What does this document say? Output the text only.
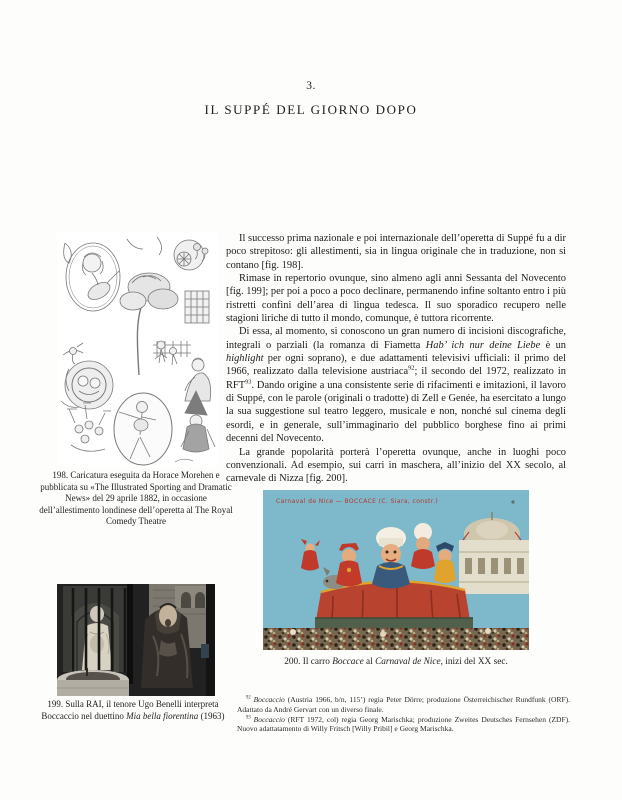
3.
IL SUPPÉ DEL GIORNO DOPO
198. Caricatura eseguita da Horace Morehen e pubblicata su «The Illustrated Sporting and Dramatic News» del 29 aprile 1882, in occasione dell’allestimento londinese dell’operetta al The Royal Comedy Theatre
199. Sulla RAI, il tenore Ugo Benelli interpreta Boccaccio nel duettino Mia bella fiorentina (1963)

Il successo prima nazionale e poi internazionale dell’operetta di Suppé fu a dir poco strepitoso: gli allestimenti, sia in lingua originale che in traduzione, non si contano [fig. 198].

Rimase in repertorio ovunque, sino almeno agli anni Sessanta del Novecento [fig. 199]; per poi a poco a poco declinare, permanendo infine soltanto entro i più ristretti confini dell’area di lingua tedesca. Il suo sporadico recupero nelle stagioni liriche di tutto il mondo, comunque, è tuttora ricorrente.

Di essa, al momento, si conoscono un gran numero di incisioni discografiche, integrali o parziali (la romanza di Fiametta Hab’ ich nur deine Liebe è un highlight per ogni soprano), e due adattamenti televisivi ufficiali: il primo del 1966, realizzato dalla televisione austriaca$^{92}$; il secondo del 1972, realizzato in RFT$^{93}$. Dando origine a una consistente serie di rifacimenti e imitazioni, il lavoro di Suppé, con le parole (originali o tradotte) di Zell e Genée, ha esercitato a lungo la sua suggestione sul teatro leggero, musicale e non, nonché sul cinema degli esordi, e in generale, sull’immaginario del pubblico borghese fino ai primi decenni del Novecento.

La grande popolarità porterà l’operetta ovunque, anche in luoghi poco convenzionali. Ad esempio, sui carri in maschera, all’inizio del XX secolo, al carnevale di Nizza [fig. 200].

Carnaval de Nice — BOCCACE (C. Siara, constr.)
200. Il carro Boccace al Carnaval de Nice, inizi del XX sec.

$^{92}$ Boccaccio (Austria 1966, b/n, 115’) regia Peter Dörre; produzione Österreichischer Rundfunk (ORF). Adattato da André Gervart con un diverso finale.

$^{93}$ Boccaccio (RFT 1972, col) regia Georg Marischka; produzione Zweites Deutsches Fernsehen (ZDF). Nuovo adattatamento di Willy Fritsch [Willy Pribil] e Georg Marischka.
